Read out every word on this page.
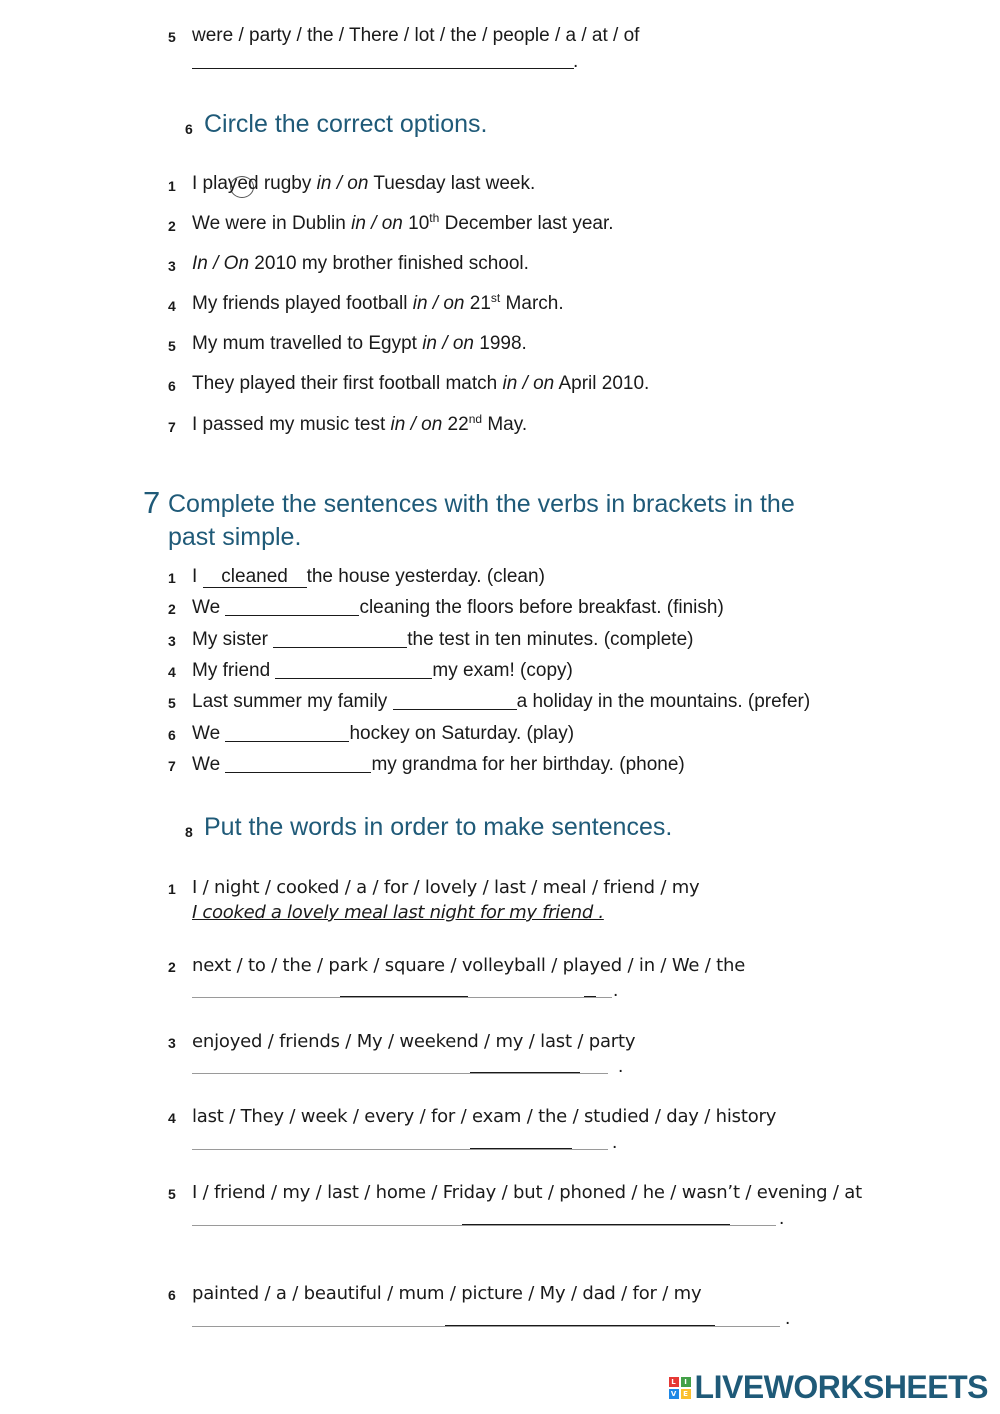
5 were / party / the / There / lot / the / people / a / at / of
.
6 Circle the correct options.
1 I played rugby in / on Tuesday last week.
2 We were in Dublin in / on 10th December last year.
3 In / On 2010 my brother finished school.
4 My friends played football in / on 21st March.
5 My mum travelled to Egypt in / on 1998.
6 They played their first football match in / on April 2010.
7 I passed my music test in / on 22nd May.
7 Complete the sentences with the verbs in brackets in the
past simple.
1 I cleaned the house yesterday. (clean)
2 We	cleaning the floors before breakfast. (finish)
3 My sister	the test in ten minutes. (complete)
4 My friend	my exam! (copy)
5 Last summer my family	a holiday in the mountains. (prefer)
6 We	hockey on Saturday. (play)
7 We	my grandma for her birthday. (phone)
8 Put the words in order to make sentences.
1 I / night / cooked / a / for / lovely / last / meal / friend / my
I cooked a lovely meal last night for my friend .
2 next / to / the / park / square / volleyball / played / in / We / the
.
3 enjoyed / friends / My / weekend / my / last / party
.
4 last / They / week / every / for / exam / the / studied / day / history
.
5 I / friend / my / last / home / Friday / but / phoned / he / wasn’t / evening / at
.
6 painted / a / beautiful / mum / picture / My / dad / for / my
.
L	I
V E LIVEWORKSHEETS
